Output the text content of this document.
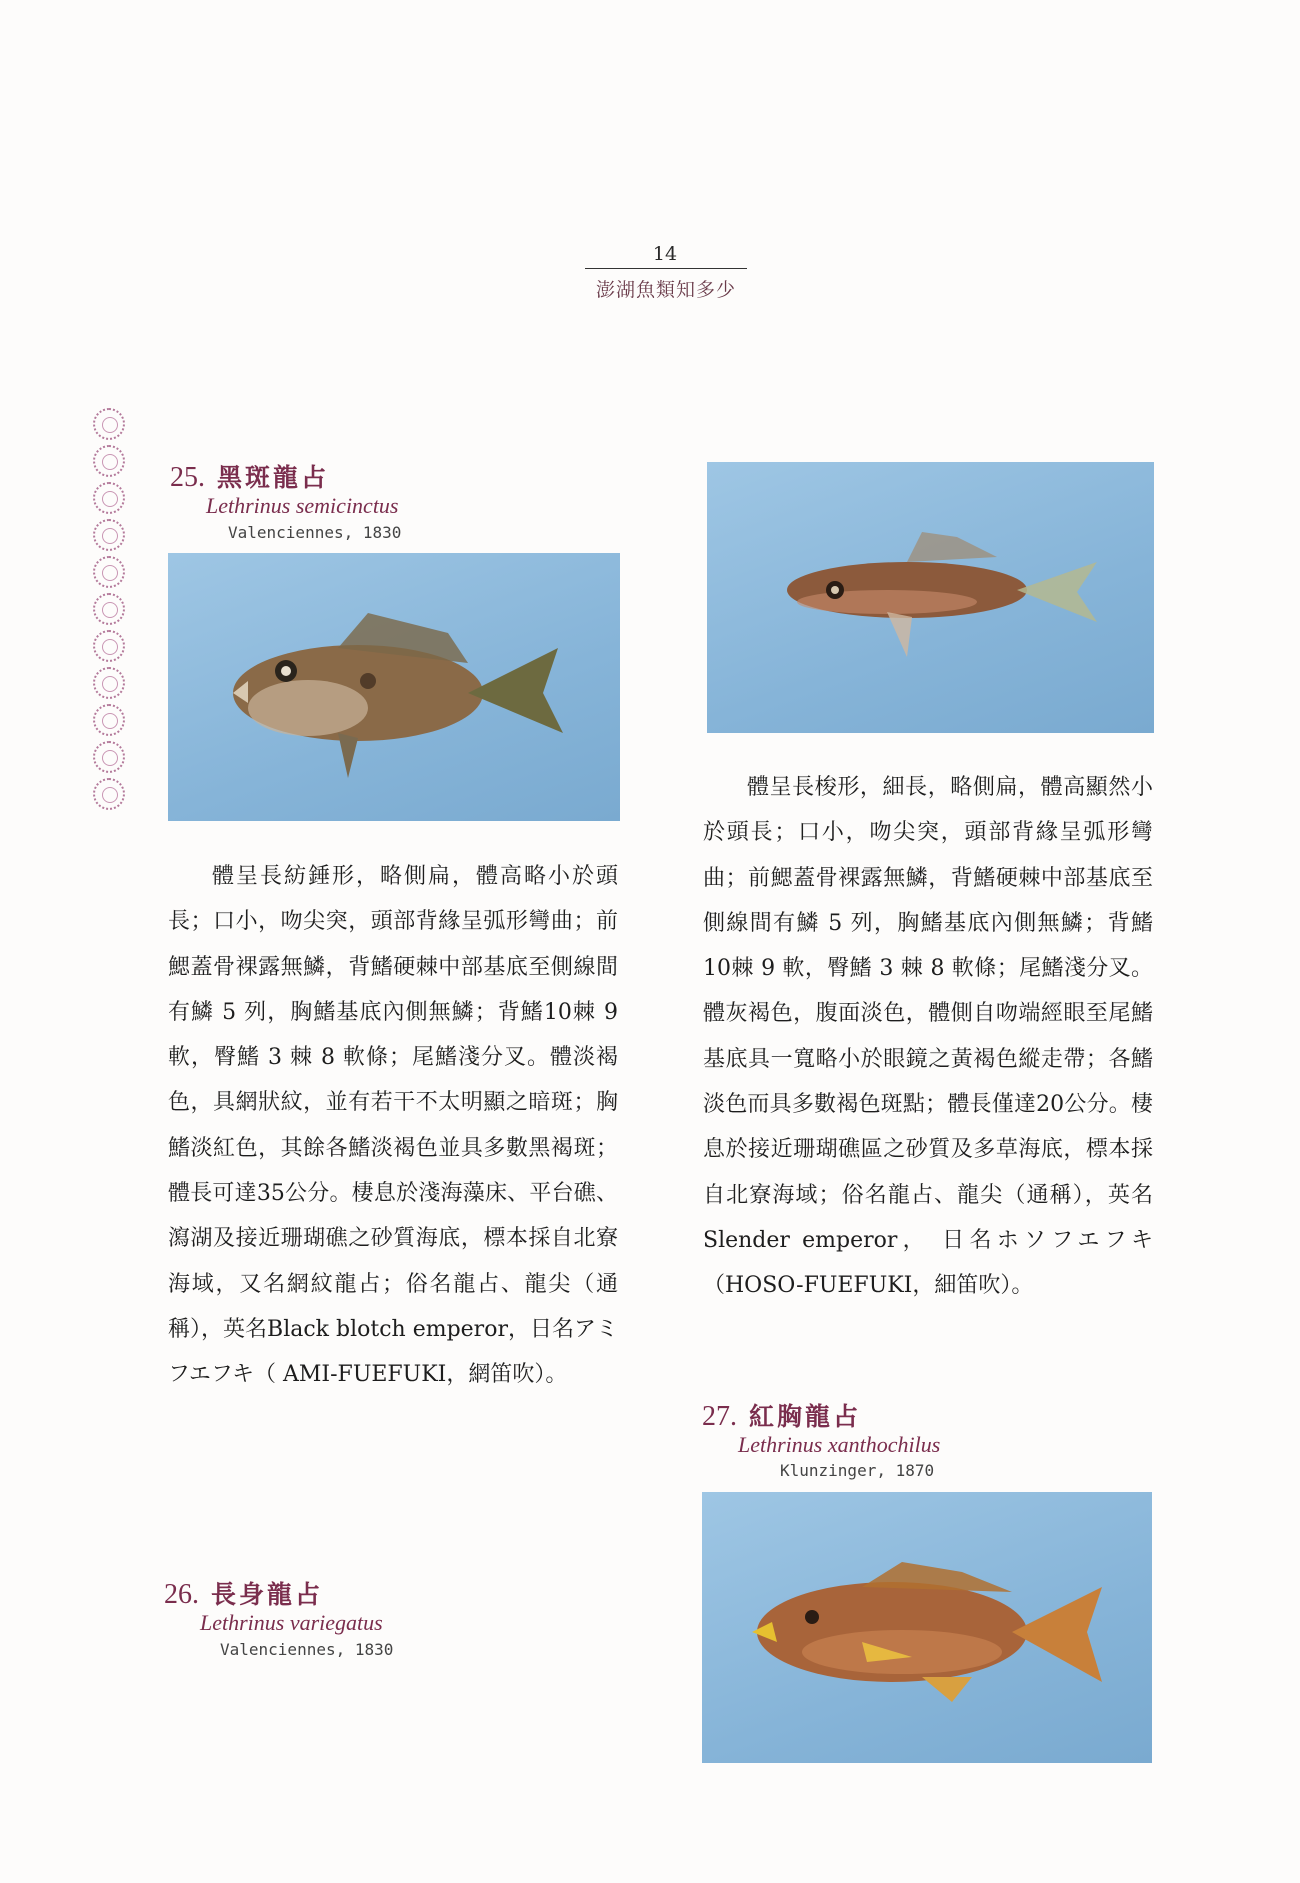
14
澎湖魚類知多少
25. 黑斑龍占
Lethrinus semicinctus
Valenciennes, 1830
體呈長紡錘形，略側扁，體高略小於頭長；口小，吻尖突，頭部背緣呈弧形彎曲；前鰓蓋骨裸露無鱗，背鰭硬棘中部基底至側線間有鱗 5 列，胸鰭基底內側無鱗；背鰭10棘 9 軟，臀鰭 3 棘 8 軟條；尾鰭淺分叉。體淡褐色，具網狀紋，並有若干不太明顯之暗斑；胸鰭淡紅色，其餘各鰭淡褐色並具多數黑褐斑；體長可達35公分。棲息於淺海藻床、平台礁、瀉湖及接近珊瑚礁之砂質海底，標本採自北寮海域，又名網紋龍占；俗名龍占、龍尖（通稱），英名Black blotch emperor，日名アミフエフキ（ AMI-FUEFUKI，網笛吹）。
26. 長身龍占
Lethrinus variegatus
Valenciennes, 1830
體呈長梭形，細長，略側扁，體高顯然小於頭長；口小，吻尖突，頭部背緣呈弧形彎曲；前鰓蓋骨裸露無鱗，背鰭硬棘中部基底至側線間有鱗 5 列，胸鰭基底內側無鱗；背鰭10棘 9 軟，臀鰭 3 棘 8 軟條；尾鰭淺分叉。體灰褐色，腹面淡色，體側自吻端經眼至尾鰭基底具一寬略小於眼鏡之黃褐色縱走帶；各鰭淡色而具多數褐色斑點；體長僅達20公分。棲息於接近珊瑚礁區之砂質及多草海底，標本採自北寮海域；俗名龍占、龍尖（通稱），英名Slender emperor， 日名ホソフエフキ（HOSO-FUEFUKI，細笛吹）。
27. 紅胸龍占
Lethrinus xanthochilus
Klunzinger, 1870
